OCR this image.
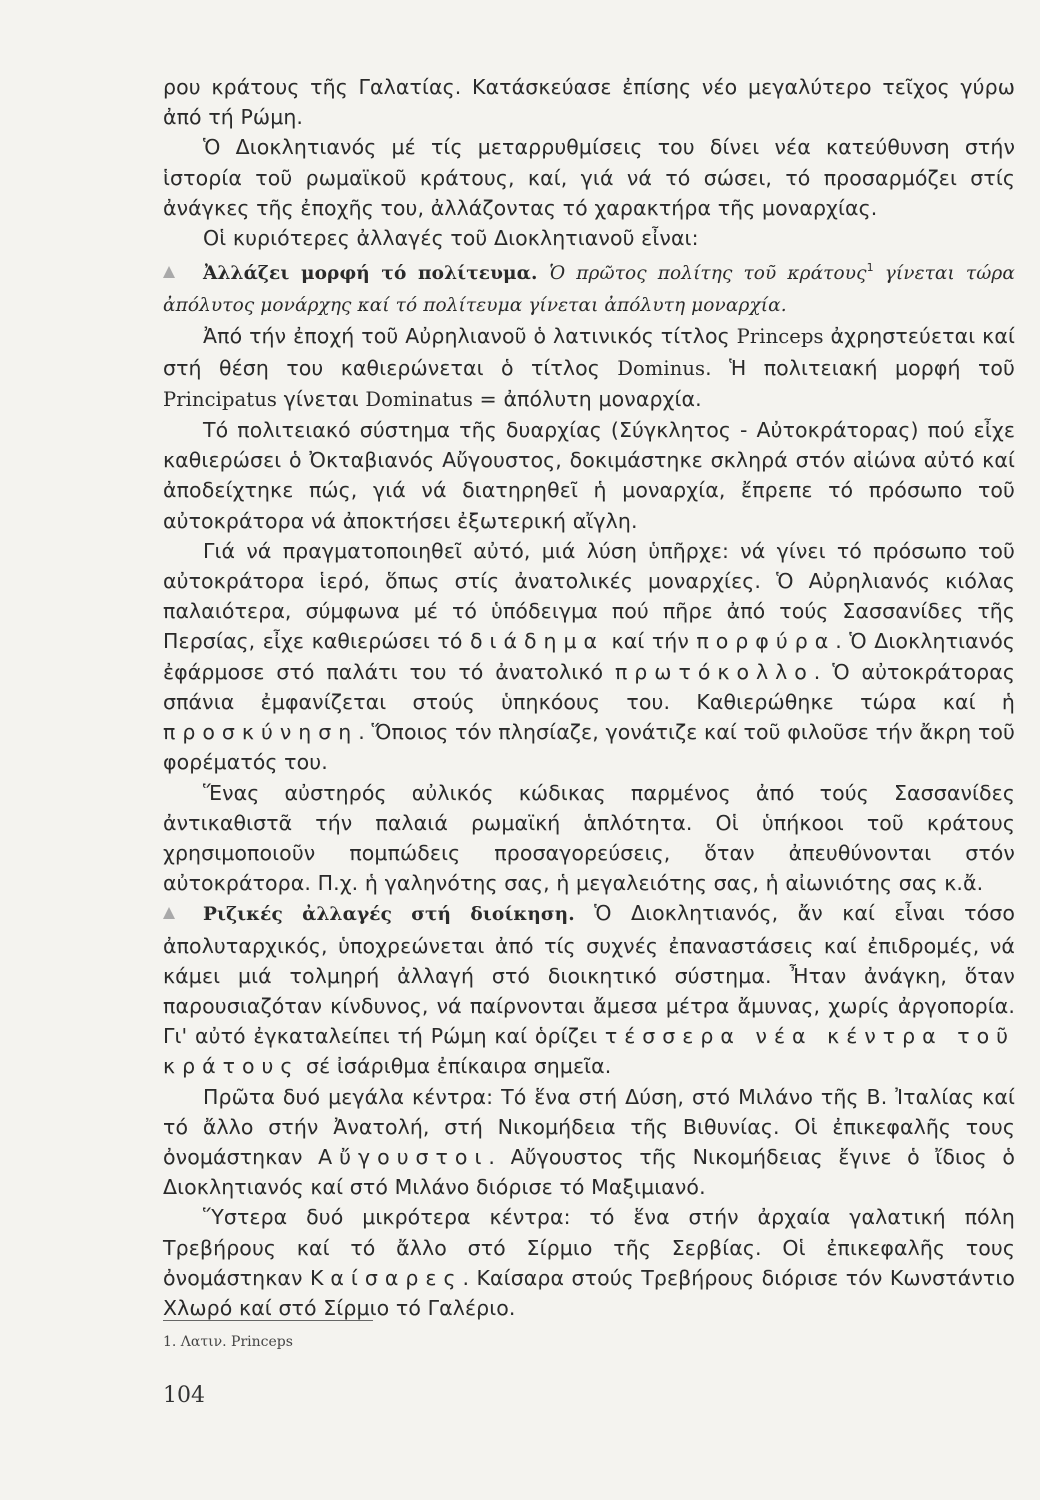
ρου κράτους τῆς Γαλατίας. Κατάσκεύασε ἐπίσης νέο μεγαλύτερο τεῖχος γύρω ἀπό τή Ρώμη.

Ὁ Διοκλητιανός μέ τίς μεταρρυθμίσεις του δίνει νέα κατεύθυνση στήν ἱστορία τοῦ ρωμαϊκοῦ κράτους, καί, γιά νά τό σώσει, τό προσαρμόζει στίς ἀνάγκες τῆς ἐποχῆς του, ἀλλάζοντας τό χαρακτήρα τῆς μοναρχίας.

Οἱ κυριότερες ἀλλαγές τοῦ Διοκλητιανοῦ εἶναι:

Ἀλλάζει μορφή τό πολίτευμα. Ὁ πρῶτος πολίτης τοῦ κράτους$^1$ γίνεται τώρα ἀπόλυτος μονάρχης καί τό πολίτευμα γίνεται ἀπόλυτη μοναρχία.

Ἀπό τήν ἐποχή τοῦ Αὐρηλιανοῦ ὁ λατινικός τίτλος Princeps ἀχρηστεύεται καί στή θέση του καθιερώνεται ὁ τίτλος Dominus. Ἡ πολιτειακή μορφή τοῦ Principatus γίνεται Dominatus = ἀπόλυτη μοναρχία.

Τό πολιτειακό σύστημα τῆς δυαρχίας (Σύγκλητος - Αὐτοκράτορας) πού εἶχε καθιερώσει ὁ Ὀκταβιανός Αὔγουστος, δοκιμάστηκε σκληρά στόν αἰώνα αὐτό καί ἀποδείχτηκε πώς, γιά νά διατηρηθεῖ ἡ μοναρχία, ἔπρεπε τό πρόσωπο τοῦ αὐτοκράτορα νά ἀποκτήσει ἐξωτερική αἴγλη.

Γιά νά πραγματοποιηθεῖ αὐτό, μιά λύση ὑπῆρχε: νά γίνει τό πρόσωπο τοῦ αὐτοκράτορα ἱερό, ὅπως στίς ἀνατολικές μοναρχίες. Ὁ Αὐρηλιανός κιόλας παλαιότερα, σύμφωνα μέ τό ὑπόδειγμα πού πῆρε ἀπό τούς Σασσανίδες τῆς Περσίας, εἶχε καθιερώσει τό διάδημα καί τήν πορφύρα. Ὁ Διοκλητιανός ἐφάρμοσε στό παλάτι του τό ἀνατολικό πρωτόκολλο. Ὁ αὐτοκράτορας σπάνια ἐμφανίζεται στούς ὑπηκόους του. Καθιερώθηκε τώρα καί ἡ προσκύνηση. Ὅποιος τόν πλησίαζε, γονάτιζε καί τοῦ φιλοῦσε τήν ἄκρη τοῦ φορέματός του.

Ἕνας αὐστηρός αὐλικός κώδικας παρμένος ἀπό τούς Σασσανίδες ἀντικαθιστᾶ τήν παλαιά ρωμαϊκή ἁπλότητα. Οἱ ὑπήκοοι τοῦ κράτους χρησιμοποιοῦν πομπώδεις προσαγορεύσεις, ὅταν ἀπευθύνονται στόν αὐτοκράτορα. Π.χ. ἡ γαληνότης σας, ἡ μεγαλειότης σας, ἡ αἰωνιότης σας κ.ἄ.

Ριζικές ἀλλαγές στή διοίκηση. Ὁ Διοκλητιανός, ἄν καί εἶναι τόσο ἀπολυταρχικός, ὑποχρεώνεται ἀπό τίς συχνές ἐπαναστάσεις καί ἐπιδρομές, νά κάμει μιά τολμηρή ἀλλαγή στό διοικητικό σύστημα. Ἦταν ἀνάγκη, ὅταν παρουσιαζόταν κίνδυνος, νά παίρνονται ἄμεσα μέτρα ἄμυνας, χωρίς ἀργοπορία. Γι' αὐτό ἐγκαταλείπει τή Ρώμη καί ὁρίζει τέσσερα νέα κέντρα τοῦ κράτους σέ ἰσάριθμα ἐπίκαιρα σημεῖα.

Πρῶτα δυό μεγάλα κέντρα: Τό ἕνα στή Δύση, στό Μιλάνο τῆς Β. Ἰταλίας καί τό ἄλλο στήν Ἀνατολή, στή Νικομήδεια τῆς Βιθυνίας. Οἱ ἐπικεφαλῆς τους ὀνομάστηκαν Αὔγουστοι. Αὔγουστος τῆς Νικομήδειας ἔγινε ὁ ἴδιος ὁ Διοκλητιανός καί στό Μιλάνο διόρισε τό Μαξιμιανό.

Ὕστερα δυό μικρότερα κέντρα: τό ἕνα στήν ἀρχαία γαλατική πόλη Τρεβήρους καί τό ἄλλο στό Σίρμιο τῆς Σερβίας. Οἱ ἐπικεφαλῆς τους ὀνομάστηκαν Καίσαρες. Καίσαρα στούς Τρεβήρους διόρισε τόν Κωνστάντιο Χλωρό καί στό Σίρμιο τό Γαλέριο.

1. Λατιν. Princeps
104
